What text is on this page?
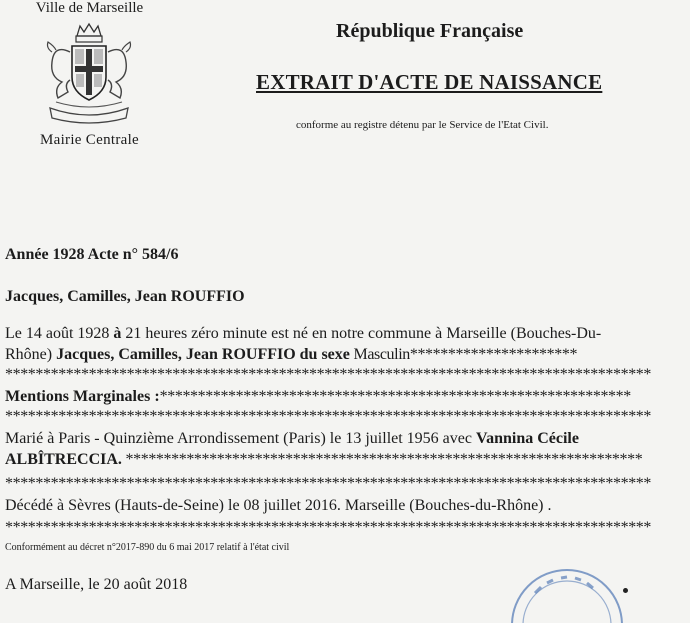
Ville de Marseille
Mairie Centrale
République Française
EXTRAIT D'ACTE DE NAISSANCE
conforme au registre détenu par le Service de l'Etat Civil.
Année 1928 Acte n° 584/6
Jacques, Camilles, Jean ROUFFIO
Le 14 août 1928 à 21 heures zéro minute est né en notre commune à Marseille (Bouches-Du-
Rhône) Jacques, Camilles, Jean ROUFFIO du sexe Masculin**********************
*************************************************************************************
Mentions Marginales :**************************************************************
*************************************************************************************
Marié à Paris - Quinzième Arrondissement (Paris) le 13 juillet 1956 avec Vannina Cécile
ALBÎTRECCIA. ********************************************************************
*************************************************************************************
Décédé à Sèvres (Hauts-de-Seine) le 08 juillet 2016. Marseille (Bouches-du-Rhône) .
*************************************************************************************
Conformément au décret n°2017-890 du 6 mai 2017 relatif à l'état civil
A Marseille, le 20 août 2018
